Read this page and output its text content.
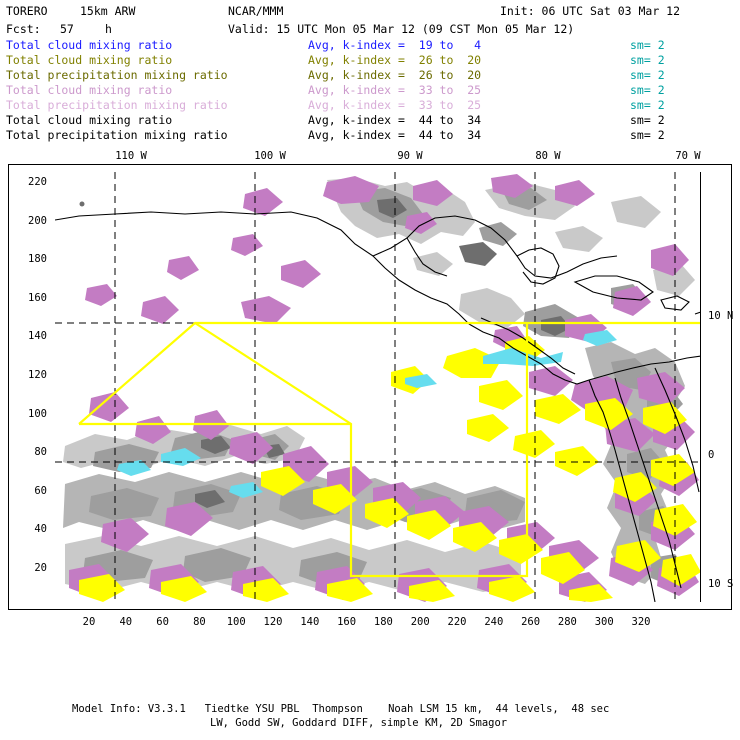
TORERO	15km ARW	NCAR/MMM	Init: 06 UTC Sat 03 Mar 12
Fcst: 57	h	Valid: 15 UTC Mon 05 Mar 12 (09 CST Mon 05 Mar 12)
Total cloud mixing ratio	Avg, k-index =  19 to   4	sm= 2
Total cloud mixing ratio	Avg, k-index =  26 to  20	sm= 2
Total precipitation mixing ratio	Avg, k-index =  26 to  20	sm= 2
Total cloud mixing ratio	Avg, k-index =  33 to  25	sm= 2
Total precipitation mixing ratio	Avg, k-index =  33 to  25	sm= 2
Total cloud mixing ratio	Avg, k-index =  44 to  34	sm= 2
Total precipitation mixing ratio	Avg, k-index =  44 to  34	sm= 2
220
200
180
160
140
120
100
80
60
40
20
20	40	60	80	100	120	140	160	180	200	220	240	260	280	300	320
110 W	100 W	90 W	80 W	70 W
10 N
0
10 S
Model Info: V3.3.1   Tiedtke YSU PBL  Thompson    Noah LSM 15 km,  44 levels,  48 sec
LW, Godd SW, Goddard DIFF, simple KM, 2D Smagor
